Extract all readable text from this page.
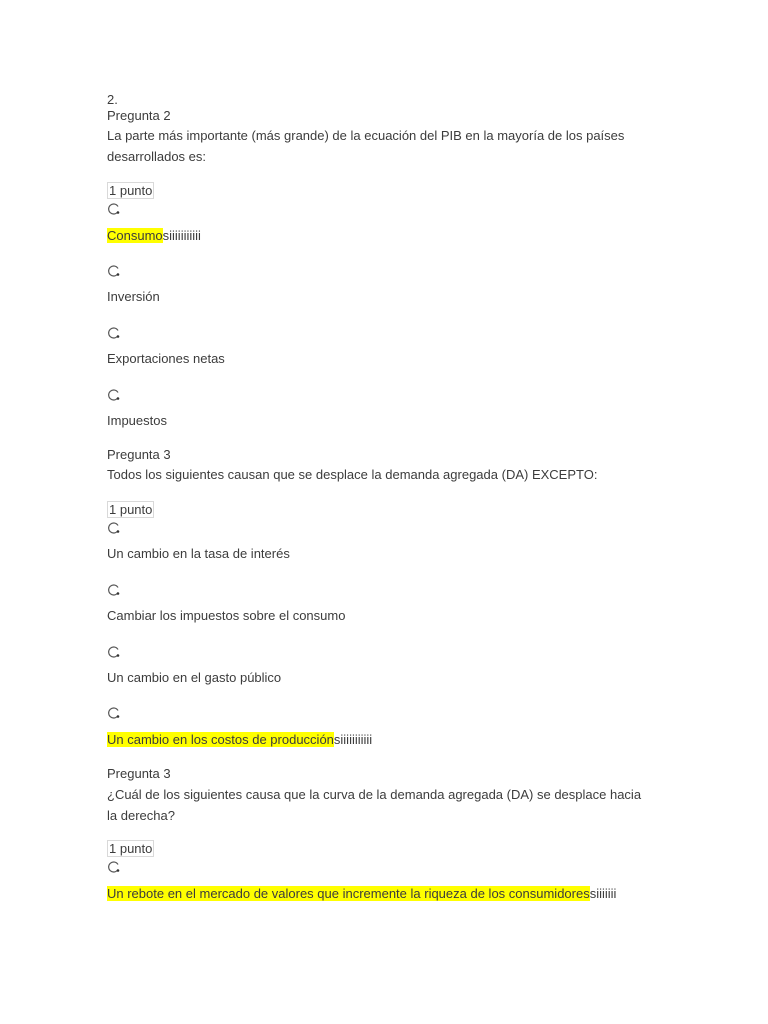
2.
Pregunta 2
La parte más importante (más grande) de la ecuación del PIB en la mayoría de los países desarrollados es:
1 punto
Consumosiiiiiiiiiii
Inversión
Exportaciones netas
Impuestos
Pregunta 3
Todos los siguientes causan que se desplace la demanda agregada (DA) EXCEPTO:
1 punto
Un cambio en la tasa de interés
Cambiar los impuestos sobre el consumo
Un cambio en el gasto público
Un cambio en los costos de producciónsiiiiiiiiiii
Pregunta 3
¿Cuál de los siguientes causa que la curva de la demanda agregada (DA) se desplace hacia la derecha?
1 punto
Un rebote en el mercado de valores que incremente la riqueza de los consumidoressiiiiiii
